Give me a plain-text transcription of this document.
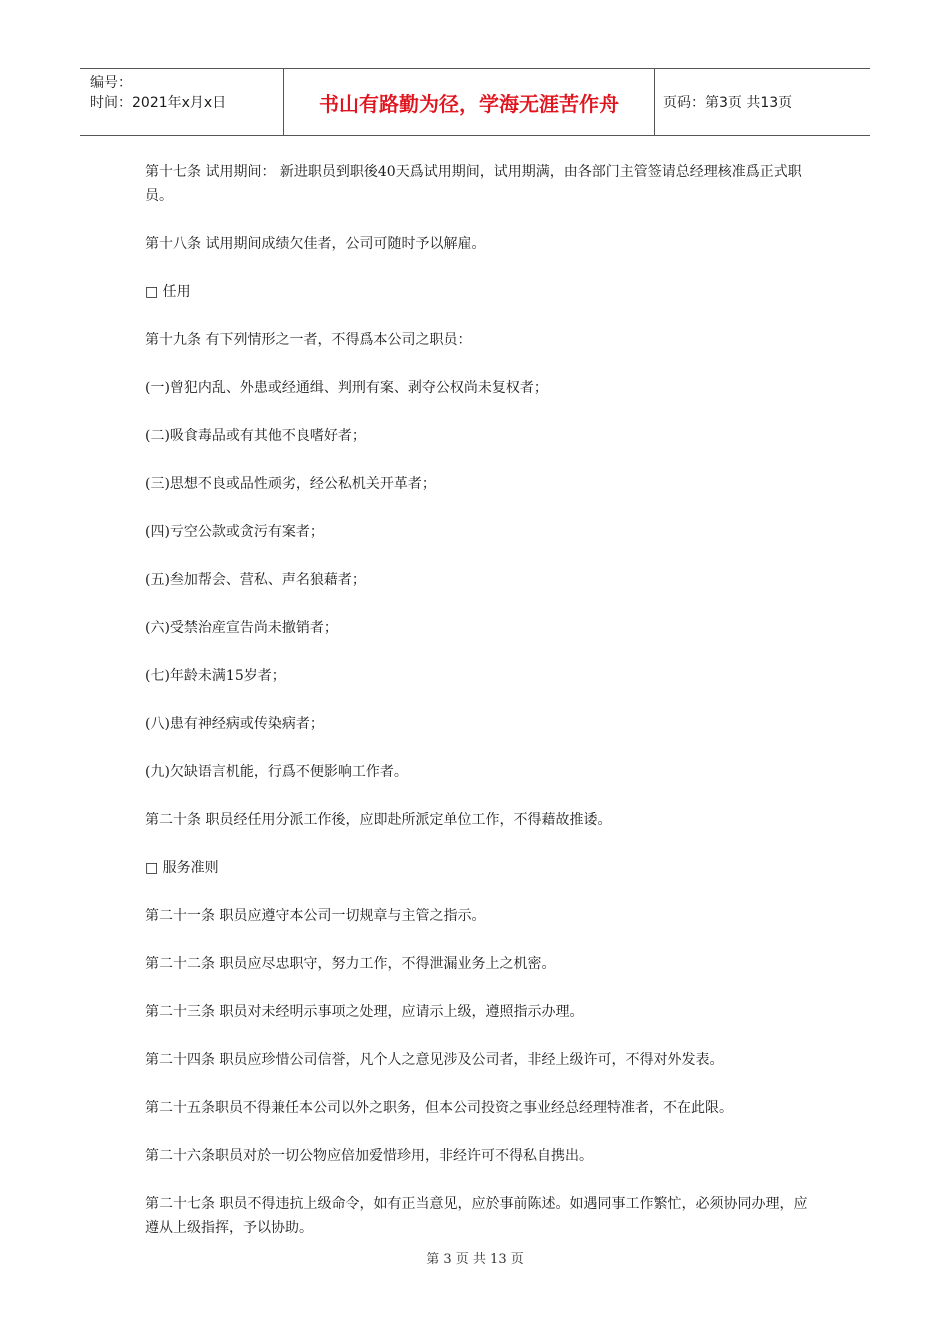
编号：
时间：2021年x月x日	书山有路勤为径，学海无涯苦作舟	页码：第3页 共13页

第十七条 试用期间： 新进职员到职後40天爲试用期间，试用期满，由各部门主管签请总经理核准爲正式职员。

第十八条 试用期间成绩欠佳者，公司可随时予以解雇。

□ 任用

第十九条 有下列情形之一者，不得爲本公司之职员：

(一)曾犯内乱、外患或经通缉、判刑有案、剥夺公权尚未复权者；

(二)吸食毒品或有其他不良嗜好者；

(三)思想不良或品性顽劣，经公私机关开革者；

(四)亏空公款或贪污有案者；

(五)叁加帮会、营私、声名狼藉者；

(六)受禁治産宣告尚未撤销者；

(七)年龄未满15岁者；

(八)患有神经病或传染病者；

(九)欠缺语言机能，行爲不便影响工作者。

第二十条 职员经任用分派工作後，应即赴所派定单位工作，不得藉故推诿。

□ 服务准则

第二十一条 职员应遵守本公司一切规章与主管之指示。

第二十二条 职员应尽忠职守，努力工作，不得泄漏业务上之机密。

第二十三条 职员对未经明示事项之处理，应请示上级，遵照指示办理。

第二十四条 职员应珍惜公司信誉，凡个人之意见涉及公司者，非经上级许可，不得对外发表。

第二十五条职员不得兼任本公司以外之职务，但本公司投资之事业经总经理特准者，不在此限。

第二十六条职员对於一切公物应倍加爱惜珍用，非经许可不得私自携出。

第二十七条 职员不得违抗上级命令，如有正当意见，应於事前陈述。如遇同事工作繁忙，必须协同办理，应遵从上级指挥，予以协助。

第 3 页 共 13 页
